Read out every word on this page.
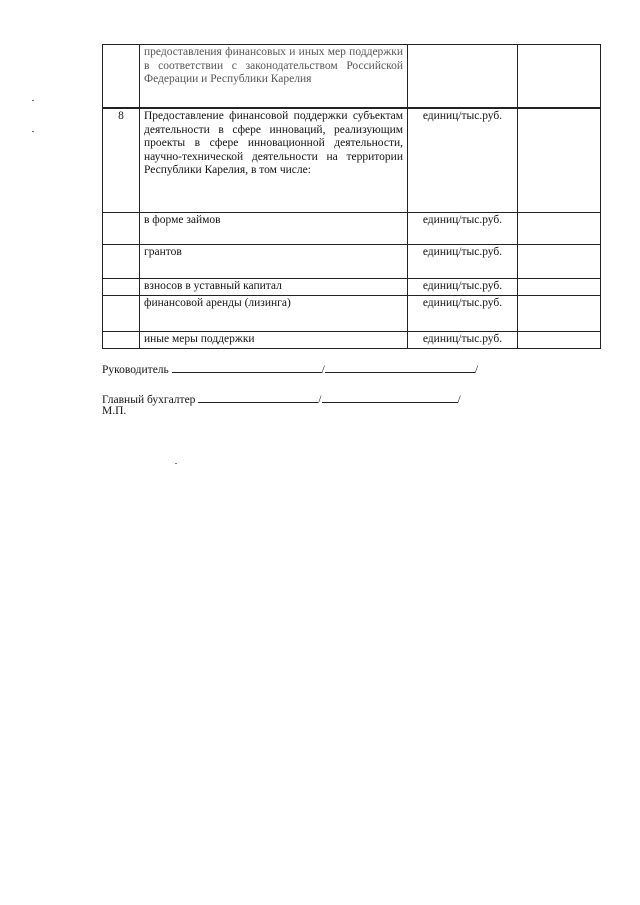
	предоставления финансовых и иных мер поддержки в соответствии с законодательством Российской Федерации и Республики Карелия		

8	Предоставление финансовой поддержки субъектам деятельности в сфере инноваций, реализующим проекты в сфере инновационной деятельности, научно-технической деятельности на территории Республики Карелия, в том числе:	единиц/тыс.руб.	

	в форме займов	единиц/тыс.руб.	

	грантов	единиц/тыс.руб.	

	взносов в уставный капитал	единиц/тыс.руб.	

	финансовой аренды (лизинга)	единиц/тыс.руб.	

	иные меры поддержки	единиц/тыс.руб.	
Руководитель	/	/
Главный бухгалтер	/	/
М.П.
